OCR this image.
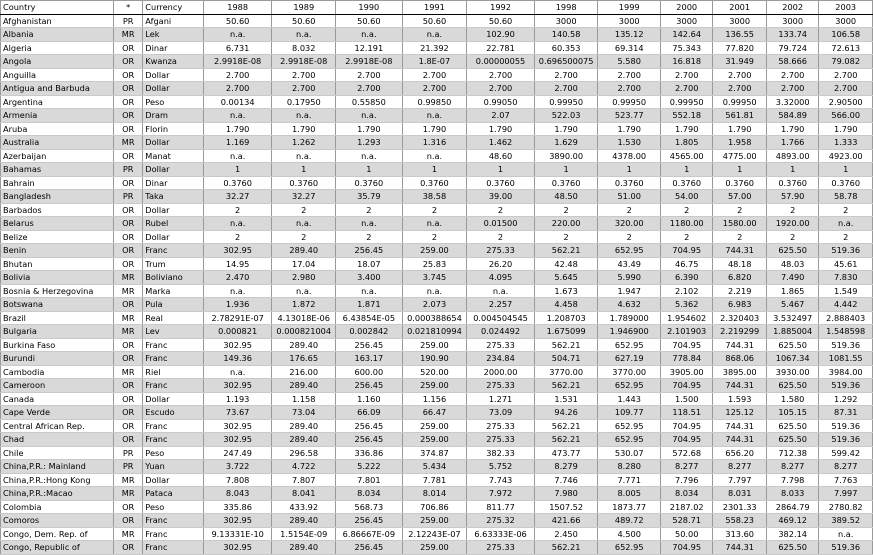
Country	*	Currency	1988	1989	1990	1991	1992	1998	1999	2000	2001	2002	2003
Afghanistan	PR	Afgani	50.60	50.60	50.60	50.60	50.60	3000	3000	3000	3000	3000	3000
Albania	MR	Lek	n.a.	n.a.	n.a.	n.a.	102.90	140.58	135.12	142.64	136.55	133.74	106.58
Algeria	OR	Dinar	6.731	8.032	12.191	21.392	22.781	60.353	69.314	75.343	77.820	79.724	72.613
Angola	OR	Kwanza	2.9918E-08	2.9918E-08	2.9918E-08	1.8E-07	0.00000055	0.696500075	5.580	16.818	31.949	58.666	79.082
Anguilla	OR	Dollar	2.700	2.700	2.700	2.700	2.700	2.700	2.700	2.700	2.700	2.700	2.700
Antigua and Barbuda	OR	Dollar	2.700	2.700	2.700	2.700	2.700	2.700	2.700	2.700	2.700	2.700	2.700
Argentina	OR	Peso	0.00134	0.17950	0.55850	0.99850	0.99050	0.99950	0.99950	0.99950	0.99950	3.32000	2.90500
Armenia	OR	Dram	n.a.	n.a.	n.a.	n.a.	2.07	522.03	523.77	552.18	561.81	584.89	566.00
Aruba	OR	Florin	1.790	1.790	1.790	1.790	1.790	1.790	1.790	1.790	1.790	1.790	1.790
Australia	MR	Dollar	1.169	1.262	1.293	1.316	1.462	1.629	1.530	1.805	1.958	1.766	1.333
Azerbaijan	OR	Manat	n.a.	n.a.	n.a.	n.a.	48.60	3890.00	4378.00	4565.00	4775.00	4893.00	4923.00
Bahamas	PR	Dollar	1	1	1	1	1	1	1	1	1	1	1
Bahrain	OR	Dinar	0.3760	0.3760	0.3760	0.3760	0.3760	0.3760	0.3760	0.3760	0.3760	0.3760	0.3760
Bangladesh	PR	Taka	32.27	32.27	35.79	38.58	39.00	48.50	51.00	54.00	57.00	57.90	58.78
Barbados	OR	Dollar	2	2	2	2	2	2	2	2	2	2	2
Belarus	OR	Rubel	n.a.	n.a.	n.a.	n.a.	0.01500	220.00	320.00	1180.00	1580.00	1920.00	n.a.
Belize	OR	Dollar	2	2	2	2	2	2	2	2	2	2	2
Benin	OR	Franc	302.95	289.40	256.45	259.00	275.33	562.21	652.95	704.95	744.31	625.50	519.36
Bhutan	OR	Trum	14.95	17.04	18.07	25.83	26.20	42.48	43.49	46.75	48.18	48.03	45.61
Bolivia	MR	Boliviano	2.470	2.980	3.400	3.745	4.095	5.645	5.990	6.390	6.820	7.490	7.830
Bosnia & Herzegovina	MR	Marka	n.a.	n.a.	n.a.	n.a.	n.a.	1.673	1.947	2.102	2.219	1.865	1.549
Botswana	OR	Pula	1.936	1.872	1.871	2.073	2.257	4.458	4.632	5.362	6.983	5.467	4.442
Brazil	MR	Real	2.78291E-07	4.13018E-06	6.43854E-05	0.000388654	0.004504545	1.208703	1.789000	1.954602	2.320403	3.532497	2.888403
Bulgaria	MR	Lev	0.000821	0.000821004	0.002842	0.021810994	0.024492	1.675099	1.946900	2.101903	2.219299	1.885004	1.548598
Burkina Faso	OR	Franc	302.95	289.40	256.45	259.00	275.33	562.21	652.95	704.95	744.31	625.50	519.36
Burundi	OR	Franc	149.36	176.65	163.17	190.90	234.84	504.71	627.19	778.84	868.06	1067.34	1081.55
Cambodia	MR	Riel	n.a.	216.00	600.00	520.00	2000.00	3770.00	3770.00	3905.00	3895.00	3930.00	3984.00
Cameroon	OR	Franc	302.95	289.40	256.45	259.00	275.33	562.21	652.95	704.95	744.31	625.50	519.36
Canada	OR	Dollar	1.193	1.158	1.160	1.156	1.271	1.531	1.443	1.500	1.593	1.580	1.292
Cape Verde	OR	Escudo	73.67	73.04	66.09	66.47	73.09	94.26	109.77	118.51	125.12	105.15	87.31
Central African Rep.	OR	Franc	302.95	289.40	256.45	259.00	275.33	562.21	652.95	704.95	744.31	625.50	519.36
Chad	OR	Franc	302.95	289.40	256.45	259.00	275.33	562.21	652.95	704.95	744.31	625.50	519.36
Chile	PR	Peso	247.49	296.58	336.86	374.87	382.33	473.77	530.07	572.68	656.20	712.38	599.42
China,P.R.: Mainland	PR	Yuan	3.722	4.722	5.222	5.434	5.752	8.279	8.280	8.277	8.277	8.277	8.277
China,P.R.:Hong Kong	MR	Dollar	7.808	7.807	7.801	7.781	7.743	7.746	7.771	7.796	7.797	7.798	7.763
China,P.R.:Macao	MR	Pataca	8.043	8.041	8.034	8.014	7.972	7.980	8.005	8.034	8.031	8.033	7.997
Colombia	OR	Peso	335.86	433.92	568.73	706.86	811.77	1507.52	1873.77	2187.02	2301.33	2864.79	2780.82
Comoros	OR	Franc	302.95	289.40	256.45	259.00	275.32	421.66	489.72	528.71	558.23	469.12	389.52
Congo, Dem. Rep. of	MR	Franc	9.13331E-10	1.5154E-09	6.86667E-09	2.12243E-07	6.63333E-06	2.450	4.500	50.00	313.60	382.14	n.a.
Congo, Republic of	OR	Franc	302.95	289.40	256.45	259.00	275.33	562.21	652.95	704.95	744.31	625.50	519.36
